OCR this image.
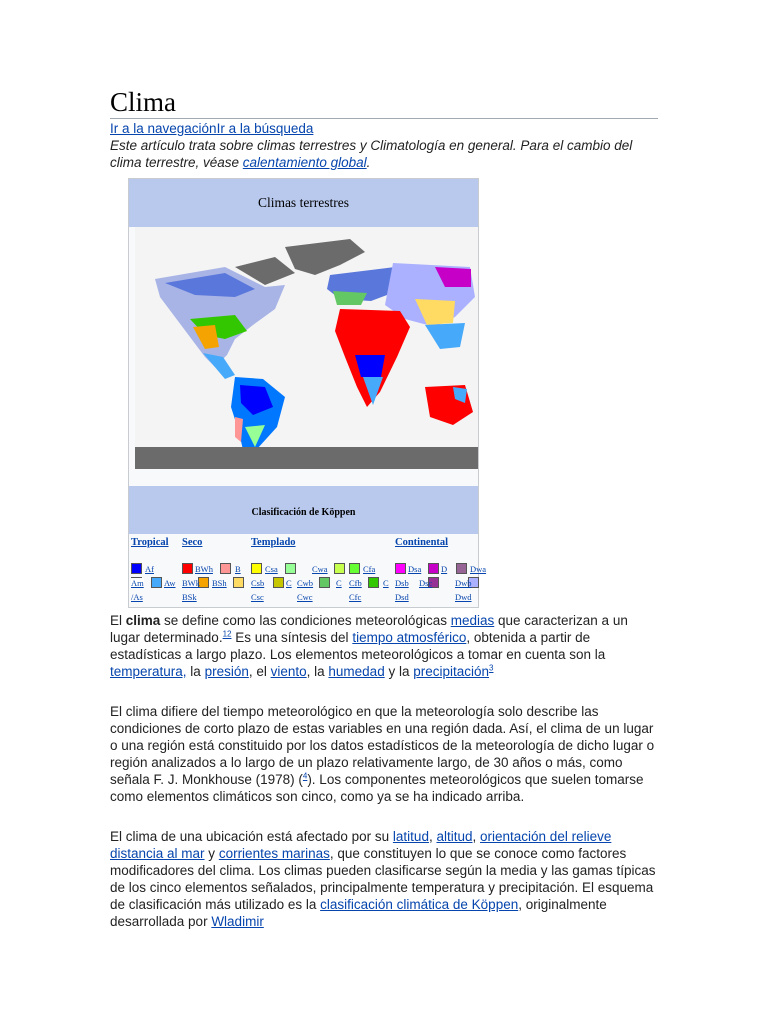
Clima
Ir a la navegaciónIr a la búsqueda
Este artículo trata sobre climas terrestres y Climatología en general. Para el cambio del clima terrestre, véase calentamiento global.
Climas terrestres
Clasificación de Köppen
Tropical Seco	Templado	Continental
Af
Am Aw
/As
BWh
BWk BSh
BSk
B	Csa
Csb
Csc
Cwa
Cwb
Cwc
Cfa
Cfb
Cfc
C	C	C
Dsa
Dsb Dsc
Dsd
Dwa
Dwb
Dwd
D

El clima se define como las condiciones meteorológicas medias que caracterizan a un lugar determinado.$^{12}$ Es una síntesis del tiempo atmosférico, obtenida a partir de estadísticas a largo plazo. Los elementos meteorológicos a tomar en cuenta son la temperatura, la presión, el viento, la humedad y la precipitación$^3$

El clima difiere del tiempo meteorológico en que la meteorología solo describe las condiciones de corto plazo de estas variables en una región dada. Así, el clima de un lugar o una región está constituido por los datos estadísticos de la meteorología de dicho lugar o región analizados a lo largo de un plazo relativamente largo, de 30 años o más, como señala F. J. Monkhouse (1978) ($^4$). Los componentes meteorológicos que suelen tomarse como elementos climáticos son cinco, como ya se ha indicado arriba.

El clima de una ubicación está afectado por su latitud, altitud, orientación del relieve distancia al mar y corrientes marinas, que constituyen lo que se conoce como factores modificadores del clima. Los climas pueden clasificarse según la media y las gamas típicas de los cinco elementos señalados, principalmente temperatura y precipitación. El esquema de clasificación más utilizado es la clasificación climática de Köppen, originalmente desarrollada por Wladimir
